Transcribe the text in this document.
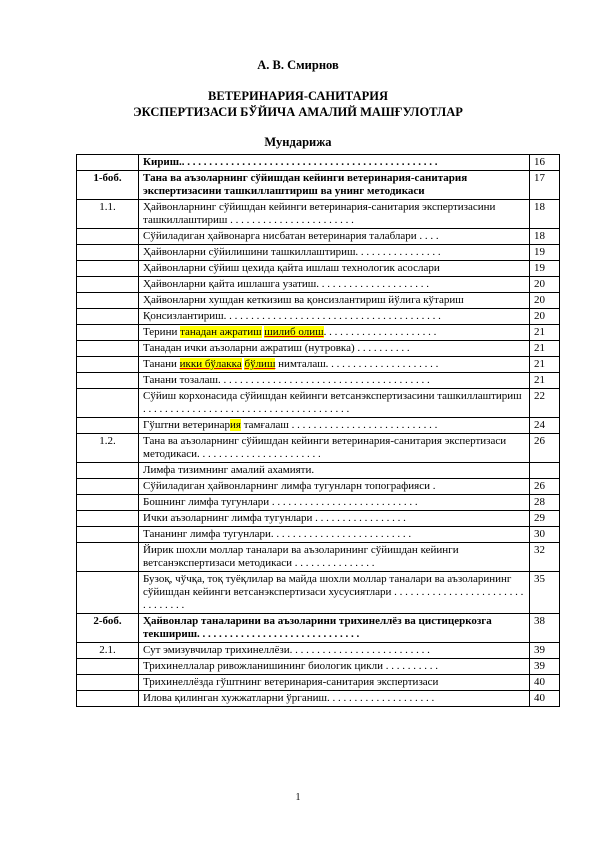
А. В. Смирнов
ВЕТЕРИНАРИЯ-САНИТАРИЯ
ЭКСПЕРТИЗАСИ БЎЙИЧА АМАЛИЙ МАШҒУЛОТЛАР
Мундарижа
	Кириш.. . . . . . . . . . . . . . . . . . . . . . . . . . . . . . . . . . . . . . . . . . . . . . .	16
1-боб.	Тана ва аъзоларнинг сўйишдан кейинги ветеринария-санитария экспертизасини ташкиллаштириш ва унинг методикаси	17
1.1.	Ҳайвонларнинг сўйишдан кейинги ветеринария-санитария экспертизасини ташкиллаштириш . . . . . . . . . . . . . . . . . . . . . . .	18
	Сўйиладиган ҳайвонарга нисбатан ветеринария талаблари . . . .	18
	Ҳайвонларни сўйилишини ташкиллаштириш. . . . . . . . . . . . . . . .	19
	Ҳайвонларни сўйиш цехида қайта ишлаш технологик асослари	19
	Ҳайвонларни қайта ишлашга узатиш. . . . . . . . . . . . . . . . . . . . .	20
	Ҳайвонларни хушдан кеткизиш ва қонсизлантириш йўлига кўтариш	20
	Қонсизлантириш. . . . . . . . . . . . . . . . . . . . . . . . . . . . . . . . . . . . . . . .	20
	Терини танадан ажратиш шилиб олиш. . . . . . . . . . . . . . . . . . . . .	21
	Танадан ички аъзоларни ажратиш (нутровка) . . . . . . . . . .	21
	Танани икки бўлакка бўлиш нимталаш. . . . . . . . . . . . . . . . . . . . .	21
	Танани тозалаш. . . . . . . . . . . . . . . . . . . . . . . . . . . . . . . . . . . . . . .	21
	Сўйиш корхонасида сўйишдан кейинги ветсанэкспертизасини ташкиллаштириш . . . . . . . . . . . . . . . . . . . . . . . . . . . . . . . . . . . . . .	22
	Гўштни ветеринария тамғалаш . . . . . . . . . . . . . . . . . . . . . . . . . . .	24
1.2.	Тана ва аъзоларнинг сўйишдан кейинги ветеринария-санитария экспертизаси методикаси. . . . . . . . . . . . . . . . . . . . . . .	26
	Лимфа тизимнинг амалий ахамияти.	
	Сўйиладиган ҳайвонларнинг лимфа тугунларн топографияси .	26
	Бошнинг лимфа тугунлари . . . . . . . . . . . . . . . . . . . . . . . . . . .	28
	Ички аъзоларнинг лимфа тугунлари . . . . . . . . . . . . . . . . .	29
	Тананинг лимфа тугунлари. . . . . . . . . . . . . . . . . . . . . . . . . .	30
	Йирик шохли моллар таналари ва аъзоларининг сўйишдан кейинги ветсанэкспертизаси методикаси . . . . . . . . . . . . . . .	32
	Бузоқ, чўчқа, тоқ туёқлилар ва майда шохли моллар таналари ва аъзоларининг сўйишдан кейинги ветсанэкспертизаси хусусиятлари . . . . . . . . . . . . . . . . . . . . . . . . . . . . . . . .	35
2-боб.	Ҳайвонлар таналарини ва аъзоларини трихинеллёз ва цистицеркозга текшириш. . . . . . . . . . . . . . . . . . . . . . . . . . . . . .	38
2.1.	Сут эмизувчилар трихинеллёзи. . . . . . . . . . . . . . . . . . . . . . . . . .	39
	Трихинеллалар ривожланишининг биологик цикли . . . . . . . . . .	39
	Трихинеллёзда гўштнинг ветеринария-санитария экспертизаси	40
	Илова қилинган хужжатларни ўрганиш. . . . . . . . . . . . . . . . . . . .	40
1
